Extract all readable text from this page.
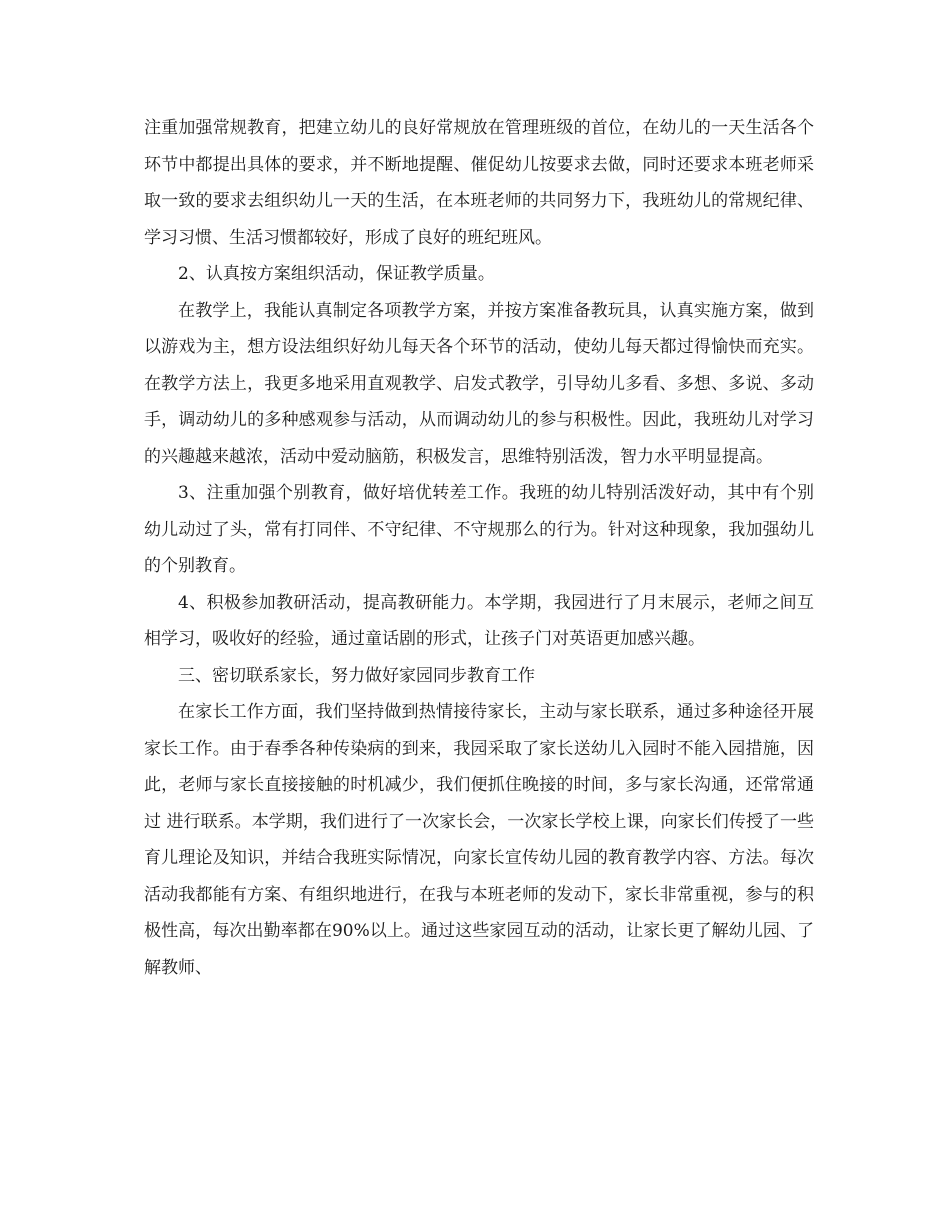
注重加强常规教育，把建立幼儿的良好常规放在管理班级的首位，在幼儿的一天生活各个环节中都提出具体的要求，并不断地提醒、催促幼儿按要求去做，同时还要求本班老师采取一致的要求去组织幼儿一天的生活，在本班老师的共同努力下，我班幼儿的常规纪律、学习习惯、生活习惯都较好，形成了良好的班纪班风。

2、认真按方案组织活动，保证教学质量。

在教学上，我能认真制定各项教学方案，并按方案准备教玩具，认真实施方案，做到以游戏为主，想方设法组织好幼儿每天各个环节的活动，使幼儿每天都过得愉快而充实。在教学方法上，我更多地采用直观教学、启发式教学，引导幼儿多看、多想、多说、多动手，调动幼儿的多种感观参与活动，从而调动幼儿的参与积极性。因此，我班幼儿对学习的兴趣越来越浓，活动中爱动脑筋，积极发言，思维特别活泼，智力水平明显提高。

3、注重加强个别教育，做好培优转差工作。我班的幼儿特别活泼好动，其中有个别幼儿动过了头，常有打同伴、不守纪律、不守规那么的行为。针对这种现象，我加强幼儿的个别教育。

4、积极参加教研活动，提高教研能力。本学期，我园进行了月末展示，老师之间互相学习，吸收好的经验，通过童话剧的形式，让孩子门对英语更加感兴趣。

三、密切联系家长，努力做好家园同步教育工作

在家长工作方面，我们坚持做到热情接待家长，主动与家长联系，通过多种途径开展家长工作。由于春季各种传染病的到来，我园采取了家长送幼儿入园时不能入园措施，因此，老师与家长直接接触的时机减少，我们便抓住晚接的时间，多与家长沟通，还常常通过 进行联系。本学期，我们进行了一次家长会，一次家长学校上课，向家长们传授了一些育儿理论及知识，并结合我班实际情况，向家长宣传幼儿园的教育教学内容、方法。每次活动我都能有方案、有组织地进行，在我与本班老师的发动下，家长非常重视，参与的积极性高，每次出勤率都在90%以上。通过这些家园互动的活动，让家长更了解幼儿园、了解教师、
